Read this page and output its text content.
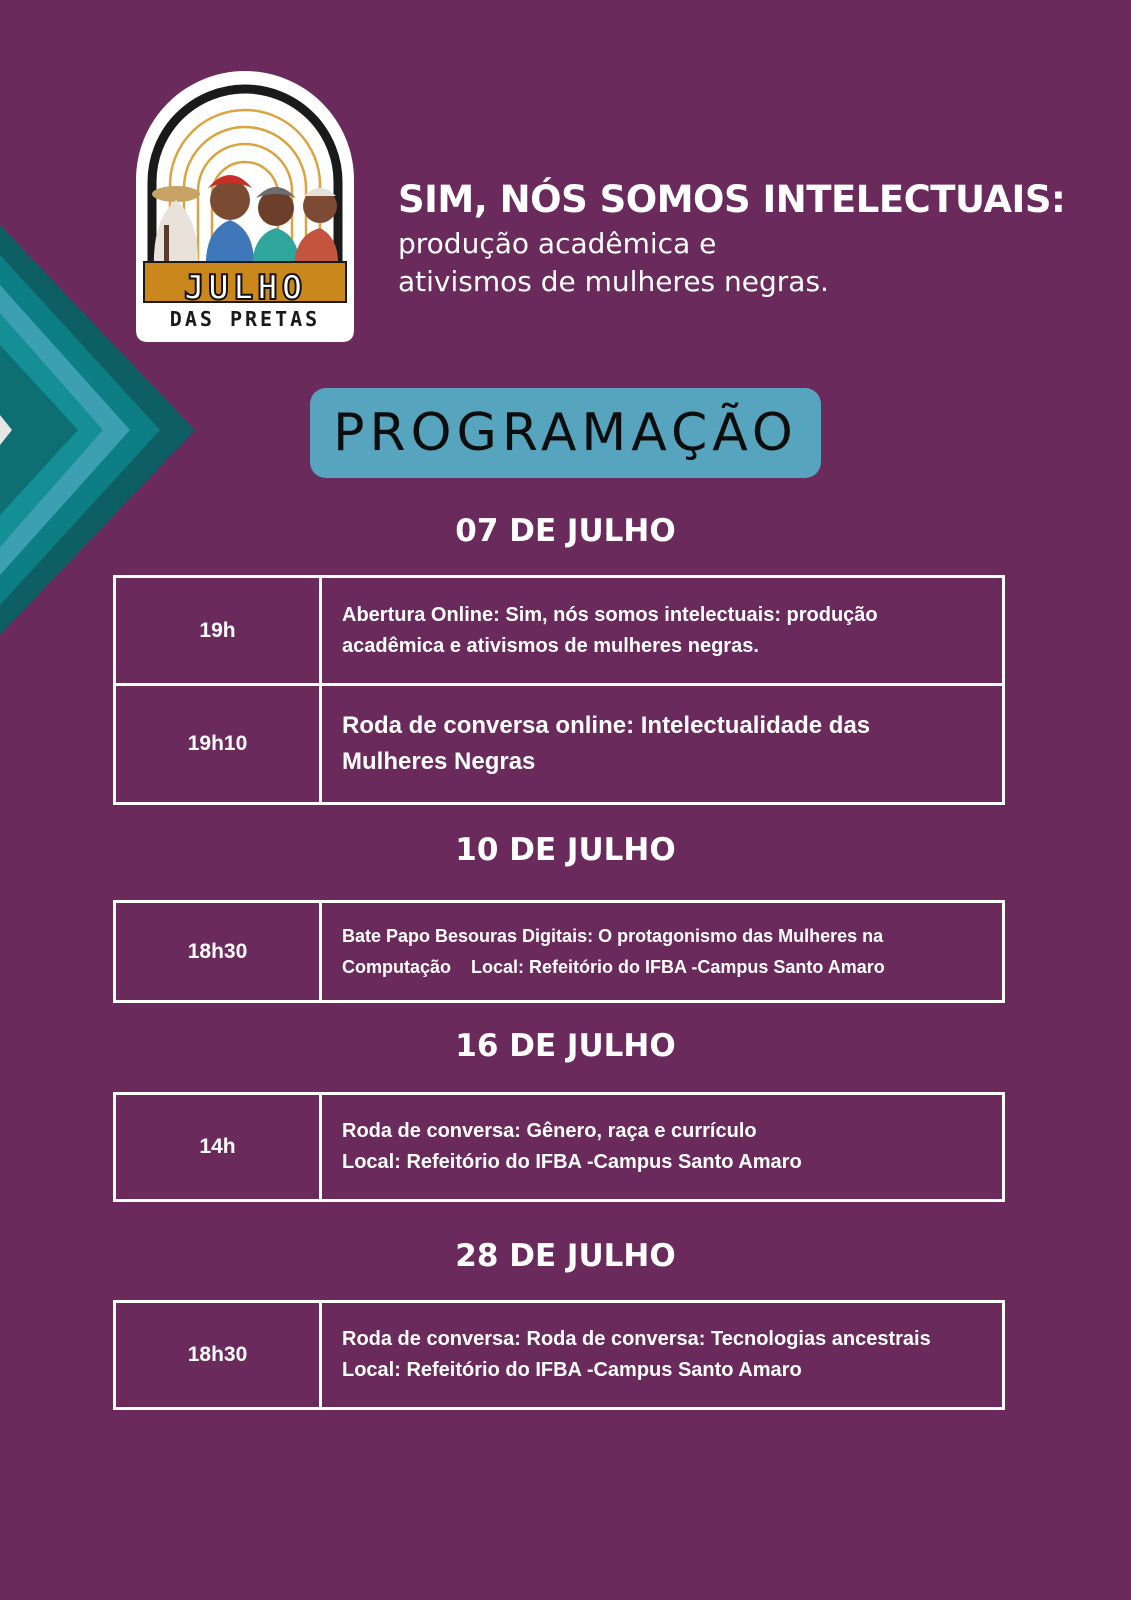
JULHO
DAS PRETAS
SIM, NÓS SOMOS INTELECTUAIS:
produção acadêmica e
ativismos de mulheres negras.
PROGRAMAÇÃO
07 DE JULHO
19h
Abertura Online: Sim, nós somos intelectuais: produção
acadêmica e ativismos de mulheres negras.
19h10
Roda de conversa online: Intelectualidade das
Mulheres Negras
10 DE JULHO
18h30
Bate Papo Besouras Digitais: O protagonismo das Mulheres na
Computação    Local: Refeitório do IFBA -Campus Santo Amaro
16 DE JULHO
14h
Roda de conversa: Gênero, raça e currículo
Local: Refeitório do IFBA -Campus Santo Amaro
28 DE JULHO
18h30
Roda de conversa: Roda de conversa: Tecnologias ancestrais
Local: Refeitório do IFBA -Campus Santo Amaro
